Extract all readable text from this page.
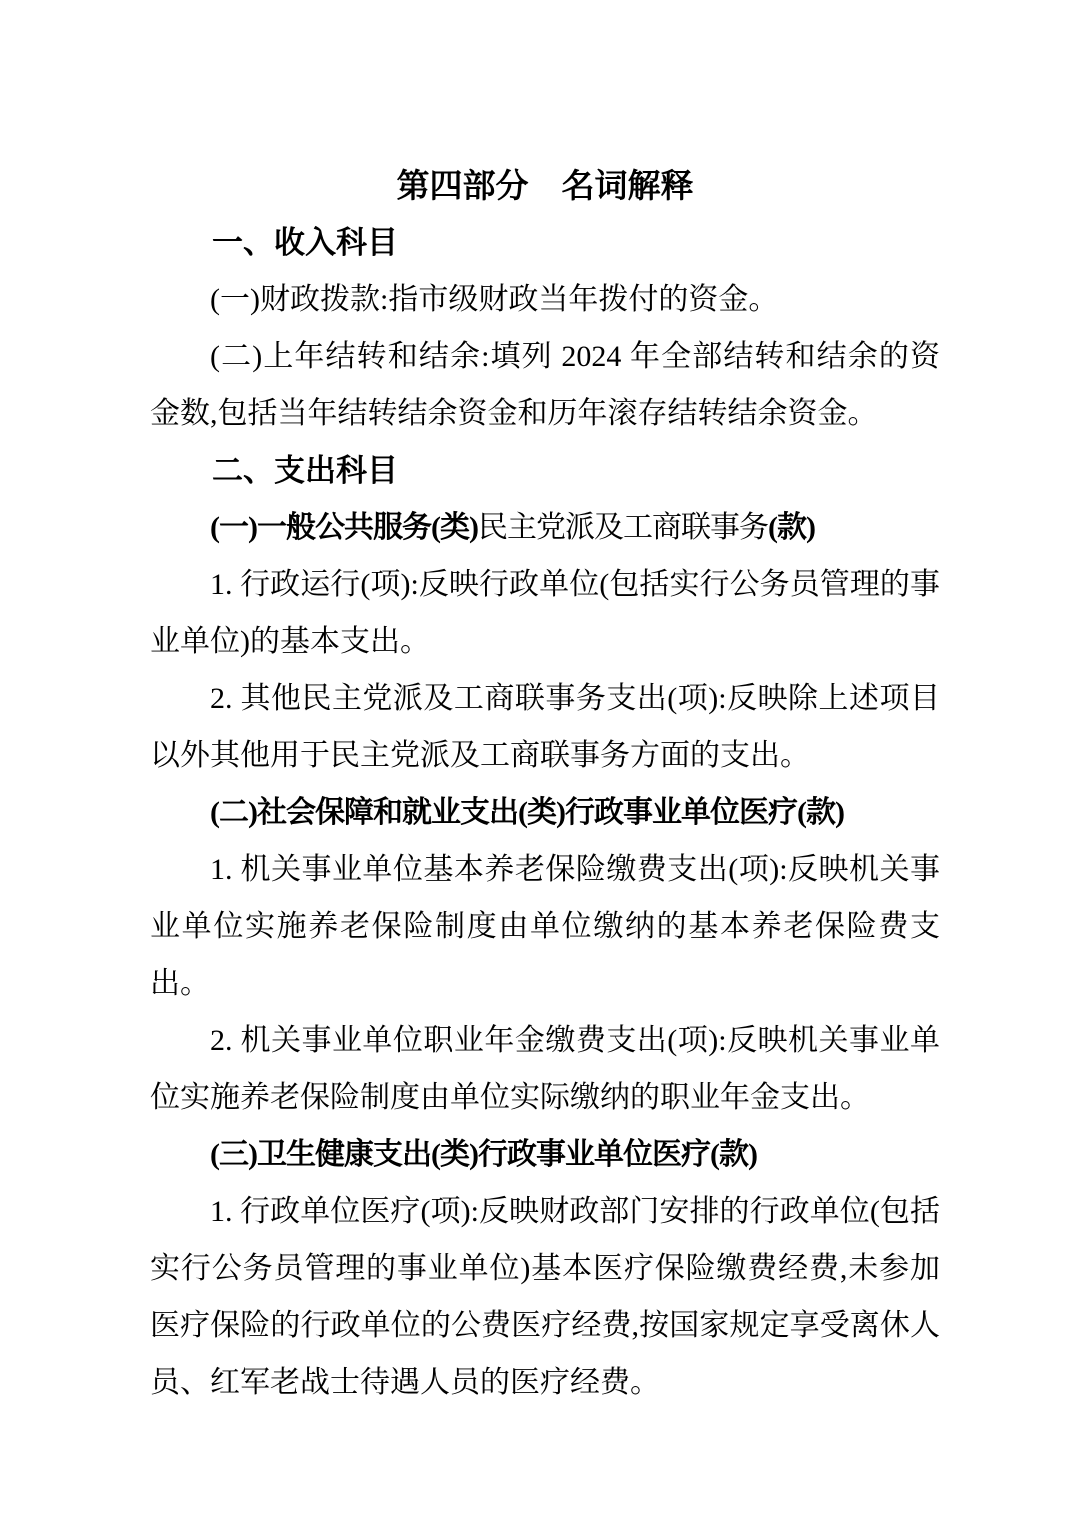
第四部分　名词解释
一、收入科目

(一)财政拨款:指市级财政当年拨付的资金。

(二)上年结转和结余:填列 2024 年全部结转和结余的资金数,包括当年结转结余资金和历年滚存结转结余资金。

二、支出科目

(一)一般公共服务(类)民主党派及工商联事务(款)

1. 行政运行(项):反映行政单位(包括实行公务员管理的事业单位)的基本支出。

2. 其他民主党派及工商联事务支出(项):反映除上述项目以外其他用于民主党派及工商联事务方面的支出。

(二)社会保障和就业支出(类)行政事业单位医疗(款)

1. 机关事业单位基本养老保险缴费支出(项):反映机关事业单位实施养老保险制度由单位缴纳的基本养老保险费支出。

2. 机关事业单位职业年金缴费支出(项):反映机关事业单位实施养老保险制度由单位实际缴纳的职业年金支出。

(三)卫生健康支出(类)行政事业单位医疗(款)

1. 行政单位医疗(项):反映财政部门安排的行政单位(包括实行公务员管理的事业单位)基本医疗保险缴费经费,未参加医疗保险的行政单位的公费医疗经费,按国家规定享受离休人员、红军老战士待遇人员的医疗经费。
